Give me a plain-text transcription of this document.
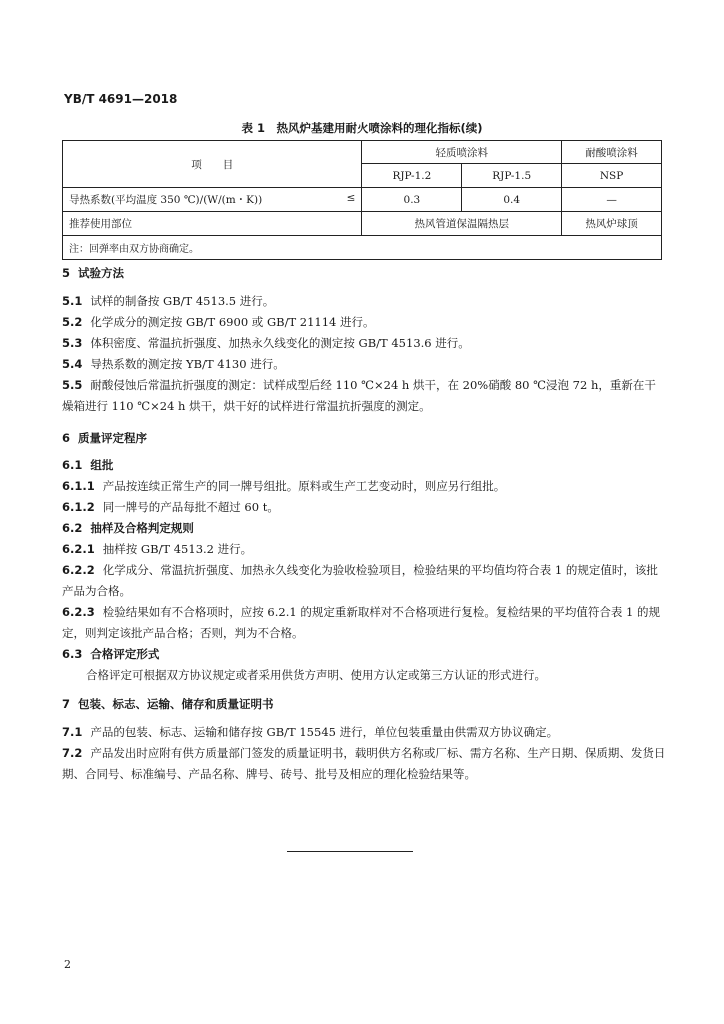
YB/T 4691—2018
表 1　热风炉基建用耐火喷涂料的理化指标(续)
项　　目	轻质喷涂料		耐酸喷涂料
	RJP-1.2	RJP-1.5	NSP
导热系数(平均温度 350 ℃)/(W/(m・K)) ≤	0.3	0.4	—
推荐使用部位	热风管道保温隔热层		热风炉球顶
注：回弹率由双方协商确定。			
5 试验方法
5.1 试样的制备按 GB/T 4513.5 进行。
5.2 化学成分的测定按 GB/T 6900 或 GB/T 21114 进行。
5.3 体积密度、常温抗折强度、加热永久线变化的测定按 GB/T 4513.6 进行。
5.4 导热系数的测定按 YB/T 4130 进行。
5.5 耐酸侵蚀后常温抗折强度的测定：试样成型后经 110 ℃×24 h 烘干，在 20%硝酸 80 ℃浸泡 72 h，重新在干燥箱进行 110 ℃×24 h 烘干，烘干好的试样进行常温抗折强度的测定。
6 质量评定程序
6.1 组批
6.1.1 产品按连续正常生产的同一牌号组批。原料或生产工艺变动时，则应另行组批。
6.1.2 同一牌号的产品每批不超过 60 t。
6.2 抽样及合格判定规则
6.2.1 抽样按 GB/T 4513.2 进行。
6.2.2 化学成分、常温抗折强度、加热永久线变化为验收检验项目，检验结果的平均值均符合表 1 的规定值时，该批产品为合格。
6.2.3 检验结果如有不合格项时，应按 6.2.1 的规定重新取样对不合格项进行复检。复检结果的平均值符合表 1 的规定，则判定该批产品合格；否则，判为不合格。
6.3 合格评定形式
合格评定可根据双方协议规定或者采用供货方声明、使用方认定或第三方认证的形式进行。
7 包装、标志、运输、储存和质量证明书
7.1 产品的包装、标志、运输和储存按 GB/T 15545 进行，单位包装重量由供需双方协议确定。
7.2 产品发出时应附有供方质量部门签发的质量证明书，载明供方名称或厂标、需方名称、生产日期、保质期、发货日期、合同号、标准编号、产品名称、牌号、砖号、批号及相应的理化检验结果等。
2
